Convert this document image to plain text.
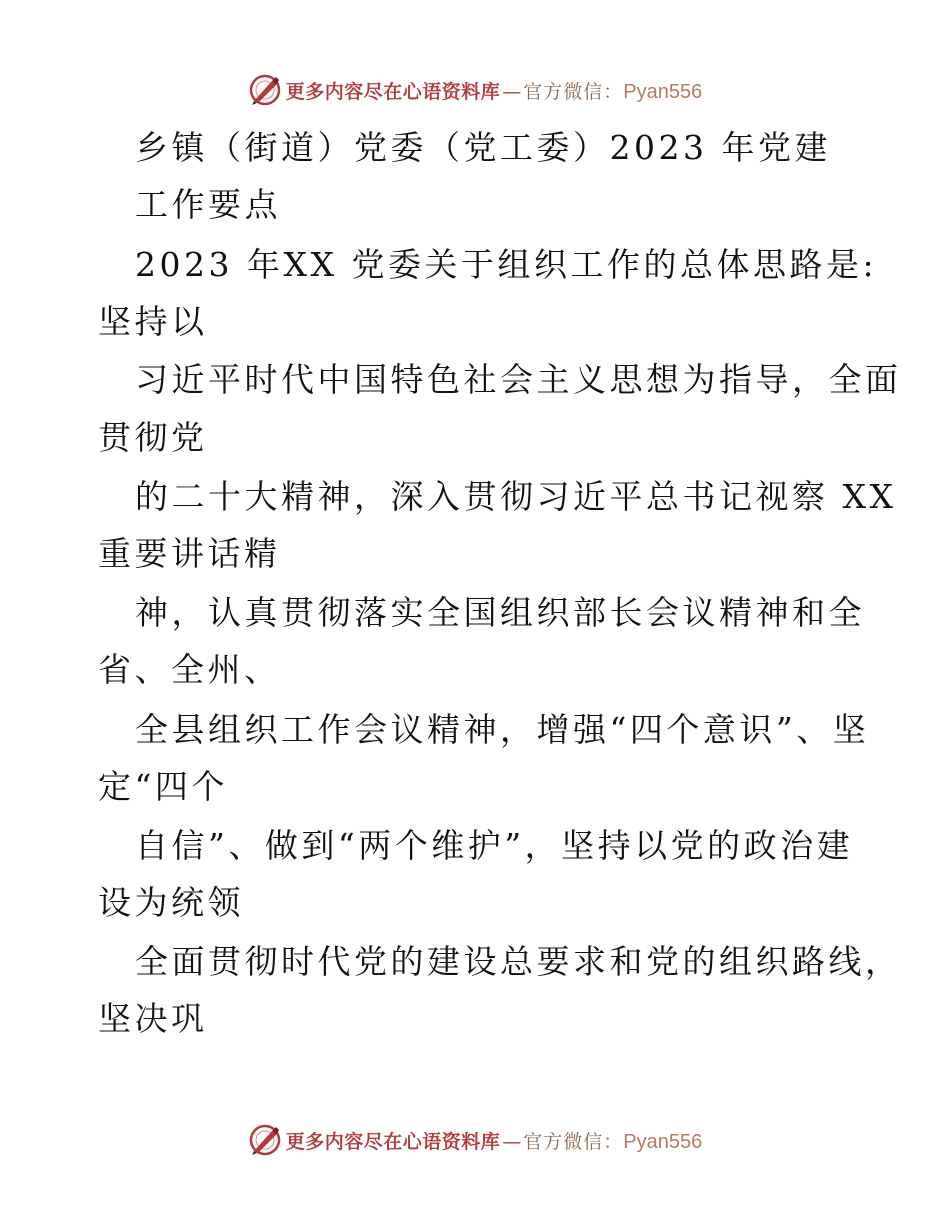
更多内容尽在心语资料库 — 官方微信： Pyan556
乡镇（街道）党委（党工委）2023 年党建
工作要点
2023 年XX 党委关于组织工作的总体思路是:
坚持以
习近平时代中国特色社会主义思想为指导，全面
贯彻党
的二十大精神，深入贯彻习近平总书记视察 XX
重要讲话精
神，认真贯彻落实全国组织部长会议精神和全
省、全州、
全县组织工作会议精神，增强“四个意识”、坚
定“四个
自信”、做到“两个维护”，坚持以党的政治建
设为统领
全面贯彻时代党的建设总要求和党的组织路线，
坚决巩
更多内容尽在心语资料库 — 官方微信： Pyan556
